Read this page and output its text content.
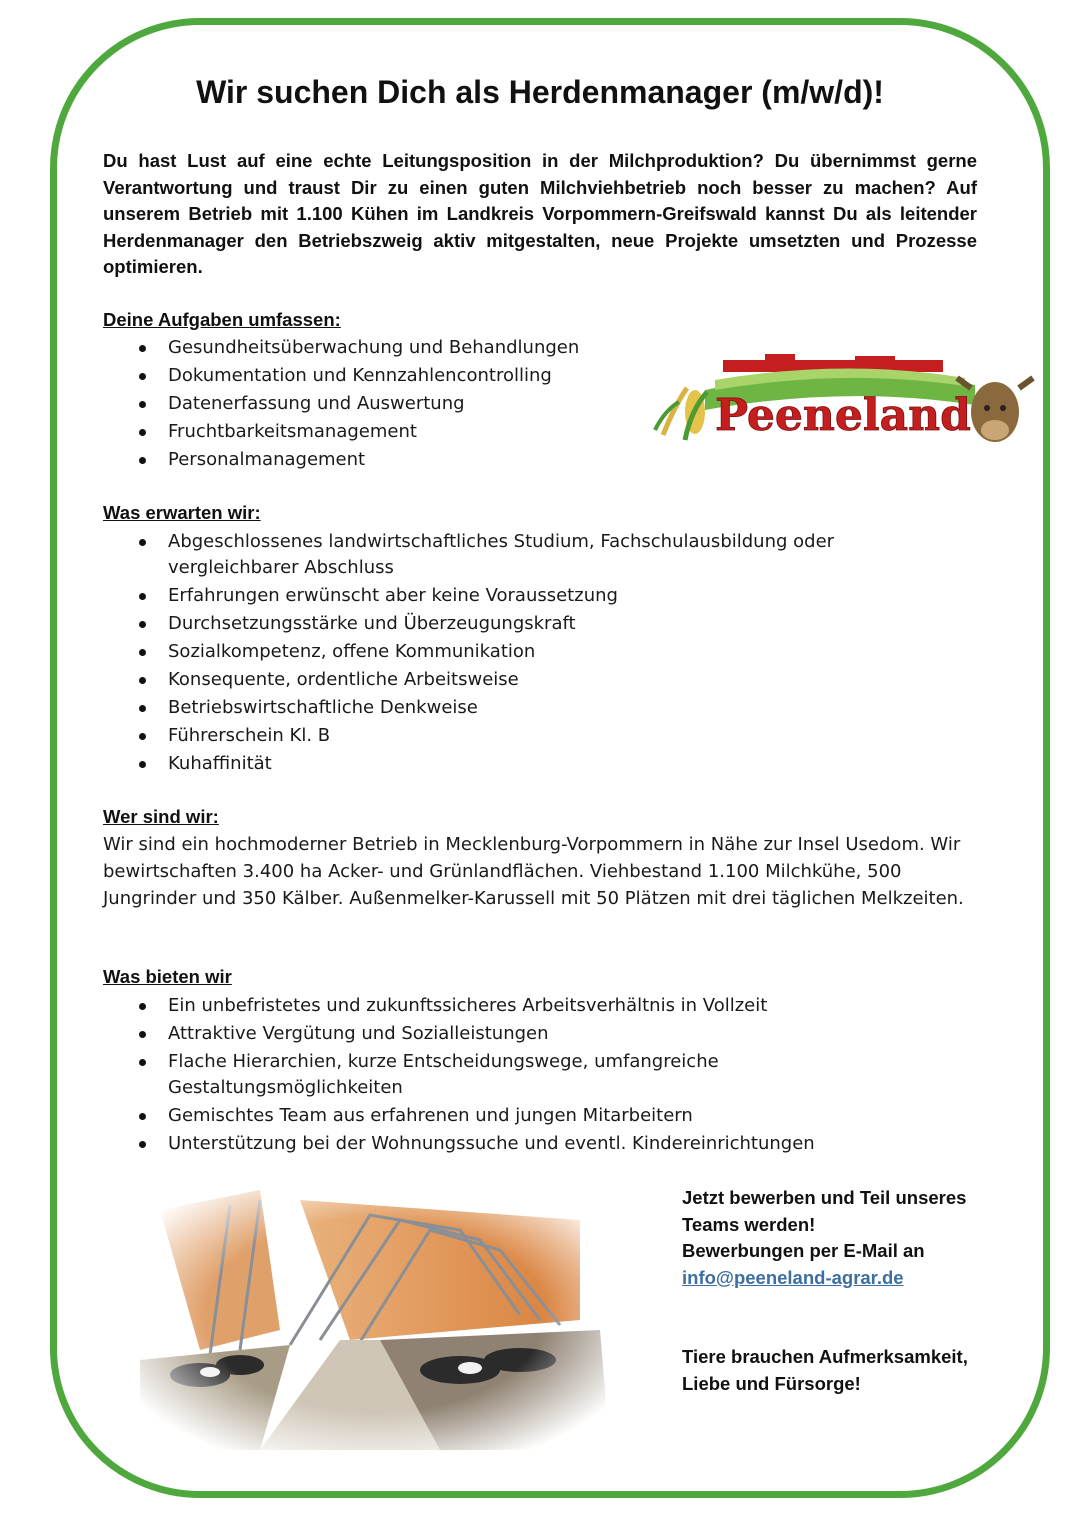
Wir suchen Dich als Herdenmanager (m/w/d)!
Du hast Lust auf eine echte Leitungsposition in der Milchproduktion? Du übernimmst gerne Verantwortung und traust Dir zu einen guten Milchviehbetrieb noch besser zu machen? Auf unserem Betrieb mit 1.100 Kühen im Landkreis Vorpommern-Greifswald kannst Du als leitender Herdenmanager den Betriebszweig aktiv mitgestalten, neue Projekte umsetzten und Prozesse optimieren.
Deine Aufgaben umfassen:
Gesundheitsüberwachung und Behandlungen
Dokumentation und Kennzahlencontrolling
Datenerfassung und Auswertung
Fruchtbarkeitsmanagement
Personalmanagement
Peeneland
Was erwarten wir:
Abgeschlossenes landwirtschaftliches Studium, Fachschulausbildung oder vergleichbarer Abschluss
Erfahrungen erwünscht aber keine Voraussetzung
Durchsetzungsstärke und Überzeugungskraft
Sozialkompetenz, offene Kommunikation
Konsequente, ordentliche Arbeitsweise
Betriebswirtschaftliche Denkweise
Führerschein Kl. B
Kuhaffinität
Wer sind wir:
Wir sind ein hochmoderner Betrieb in Mecklenburg-Vorpommern in Nähe zur Insel Usedom. Wir bewirtschaften 3.400 ha Acker- und Grünlandflächen. Viehbestand 1.100 Milchkühe, 500 Jungrinder und 350 Kälber. Außenmelker-Karussell mit 50 Plätzen mit drei täglichen Melkzeiten.
Was bieten wir
Ein unbefristetes und zukunftssicheres Arbeitsverhältnis in Vollzeit
Attraktive Vergütung und Sozialleistungen
Flache Hierarchien, kurze Entscheidungswege, umfangreiche Gestaltungsmöglichkeiten
Gemischtes Team aus erfahrenen und jungen Mitarbeitern
Unterstützung bei der Wohnungssuche und eventl. Kindereinrichtungen
Jetzt bewerben und Teil unseres Teams werden!
Bewerbungen per E-Mail an
info@peeneland-agrar.de
Tiere brauchen Aufmerksamkeit, Liebe und Fürsorge!
